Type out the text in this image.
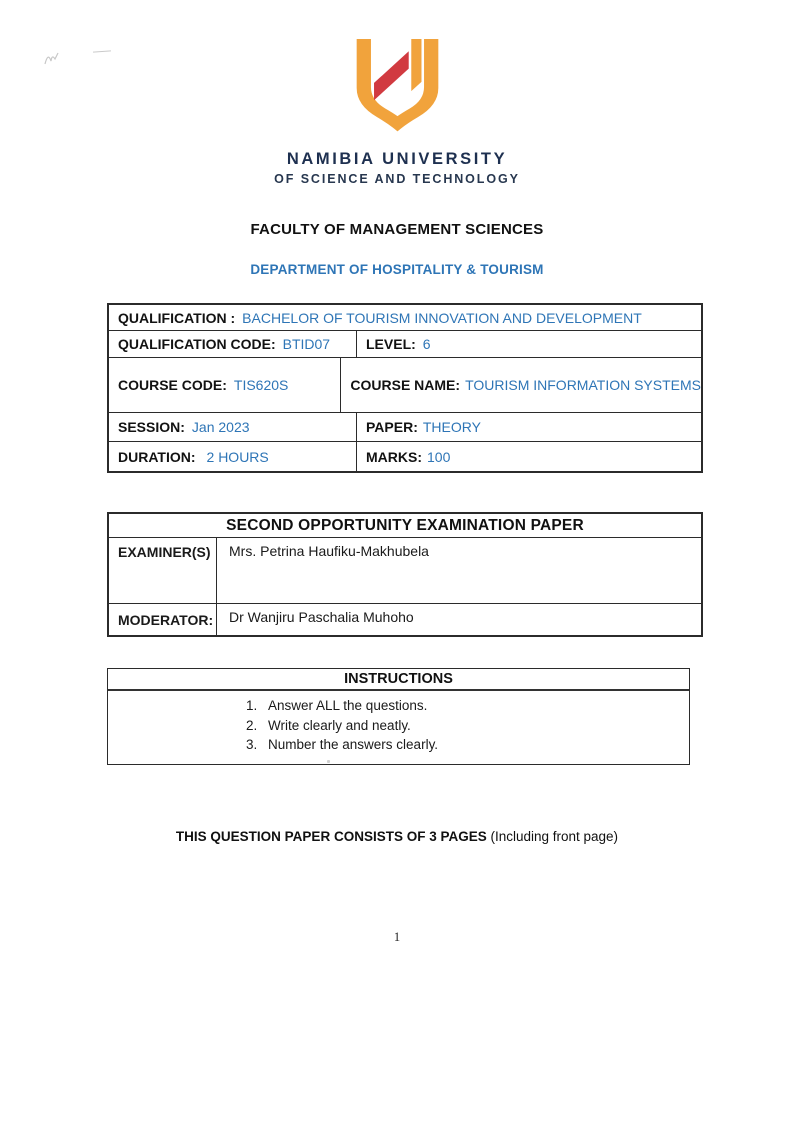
NAMIBIA UNIVERSITY
OF SCIENCE AND TECHNOLOGY
FACULTY OF MANAGEMENT SCIENCES
DEPARTMENT OF HOSPITALITY & TOURISM
QUALIFICATION : BACHELOR OF TOURISM INNOVATION AND DEVELOPMENT
QUALIFICATION CODE: BTID07	LEVEL: 6
COURSE CODE: TIS620S	COURSE NAME: TOURISM INFORMATION SYSTEMS
SESSION: Jan 2023	PAPER: THEORY
DURATION: 2 HOURS	MARKS: 100
SECOND OPPORTUNITY EXAMINATION PAPER
EXAMINER(S)	Mrs. Petrina Haufiku-Makhubela
MODERATOR:	Dr Wanjiru Paschalia Muhoho
INSTRUCTIONS
1. Answer ALL the questions.
2. Write clearly and neatly.
3. Number the answers clearly.
THIS QUESTION PAPER CONSISTS OF 3 PAGES (Including front page)
1
